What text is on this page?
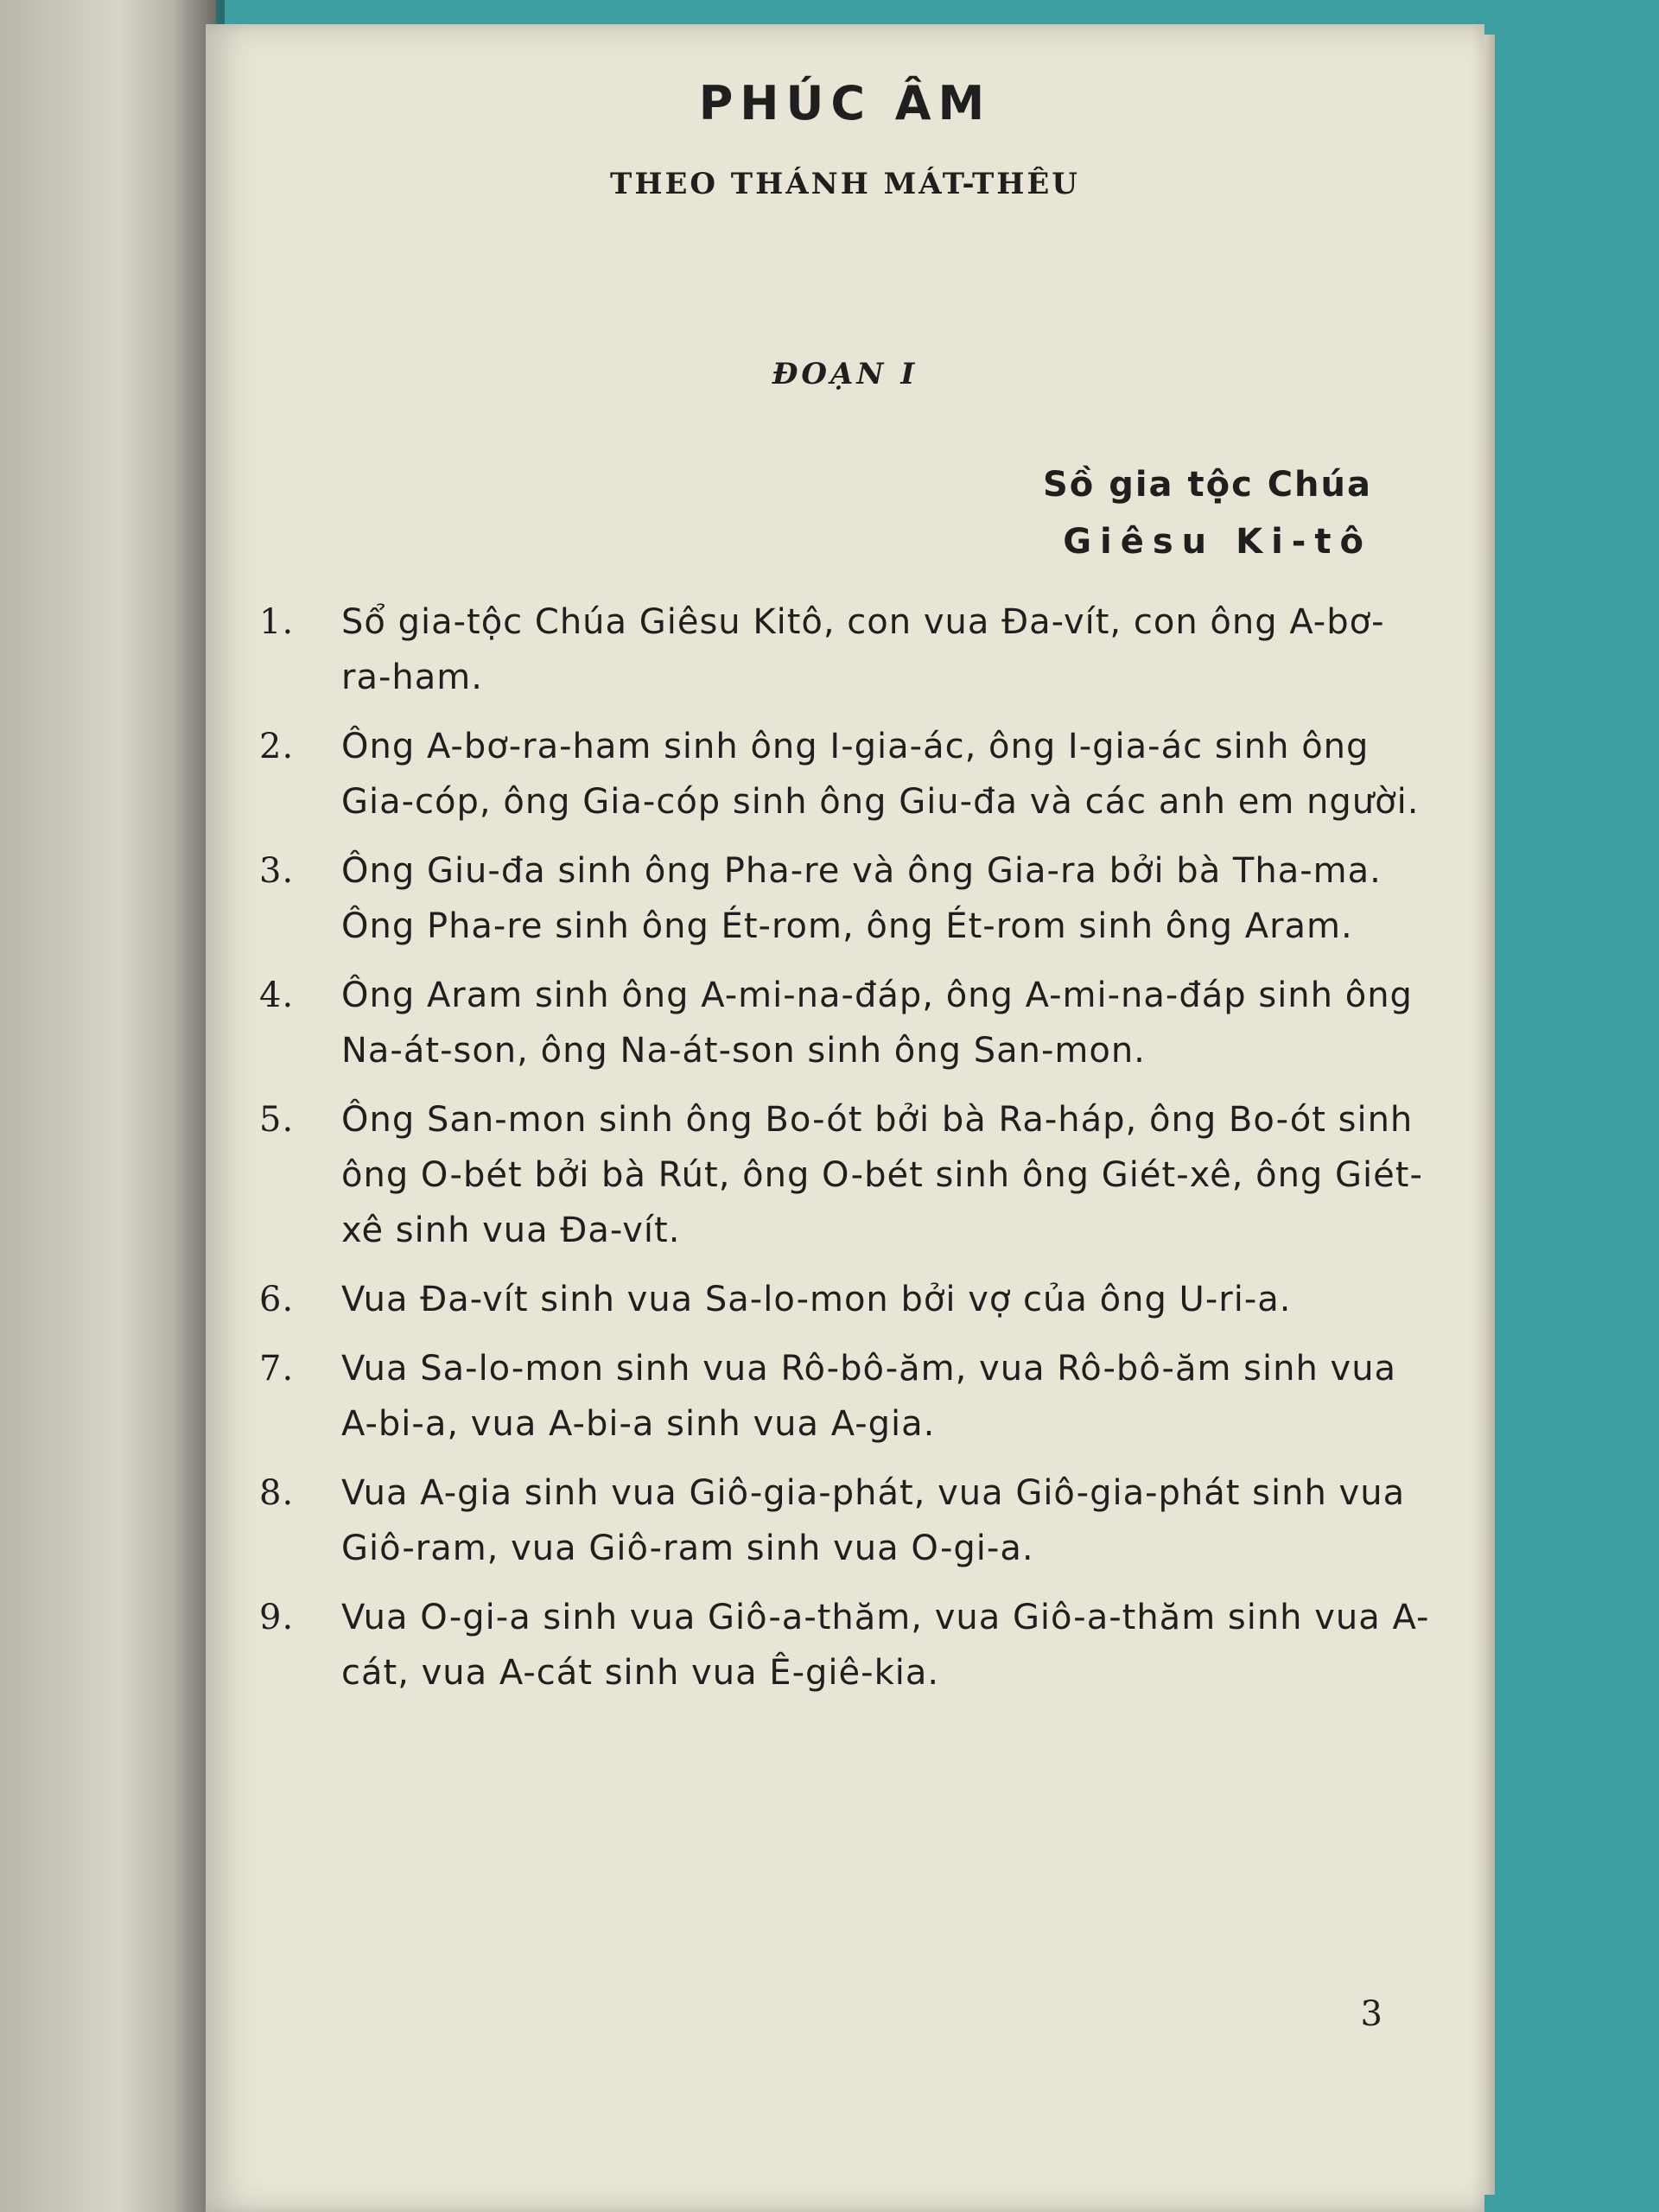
PHÚC ÂM
THEO THÁNH MÁT-THÊU
ĐOẠN I
Sồ gia tộc Chúa
Giêsu Ki-tô
1.	Sổ gia-tộc Chúa Giêsu Kitô, con vua Đa-vít, con ông A-bơ-ra-ham.
2.	Ông A-bơ-ra-ham sinh ông I-gia-ác, ông I-gia-ác sinh ông Gia-cóp, ông Gia-cóp sinh ông Giu-đa và các anh em người.
3.	Ông Giu-đa sinh ông Pha-re và ông Gia-ra bởi bà Tha-ma. Ông Pha-re sinh ông Ét-rom, ông Ét-rom sinh ông Aram.
4.	Ông Aram sinh ông A-mi-na-đáp, ông A-mi-na-đáp sinh ông Na-át-son, ông Na-át-son sinh ông San-mon.
5.	Ông San-mon sinh ông Bo-ót bởi bà Ra-háp, ông Bo-ót sinh ông O-bét bởi bà Rút, ông O-bét sinh ông Giét-xê, ông Giét-xê sinh vua Đa-vít.
6.	Vua Đa-vít sinh vua Sa-lo-mon bởi vợ của ông U-ri-a.
7.	Vua Sa-lo-mon sinh vua Rô-bô-ăm, vua Rô-bô-ăm sinh vua A-bi-a, vua A-bi-a sinh vua A-gia.
8.	Vua A-gia sinh vua Giô-gia-phát, vua Giô-gia-phát sinh vua Giô-ram, vua Giô-ram sinh vua O-gi-a.
9.	Vua O-gi-a sinh vua Giô-a-thăm, vua Giô-a-thăm sinh vua A-cát, vua A-cát sinh vua Ê-giê-kia.
3
